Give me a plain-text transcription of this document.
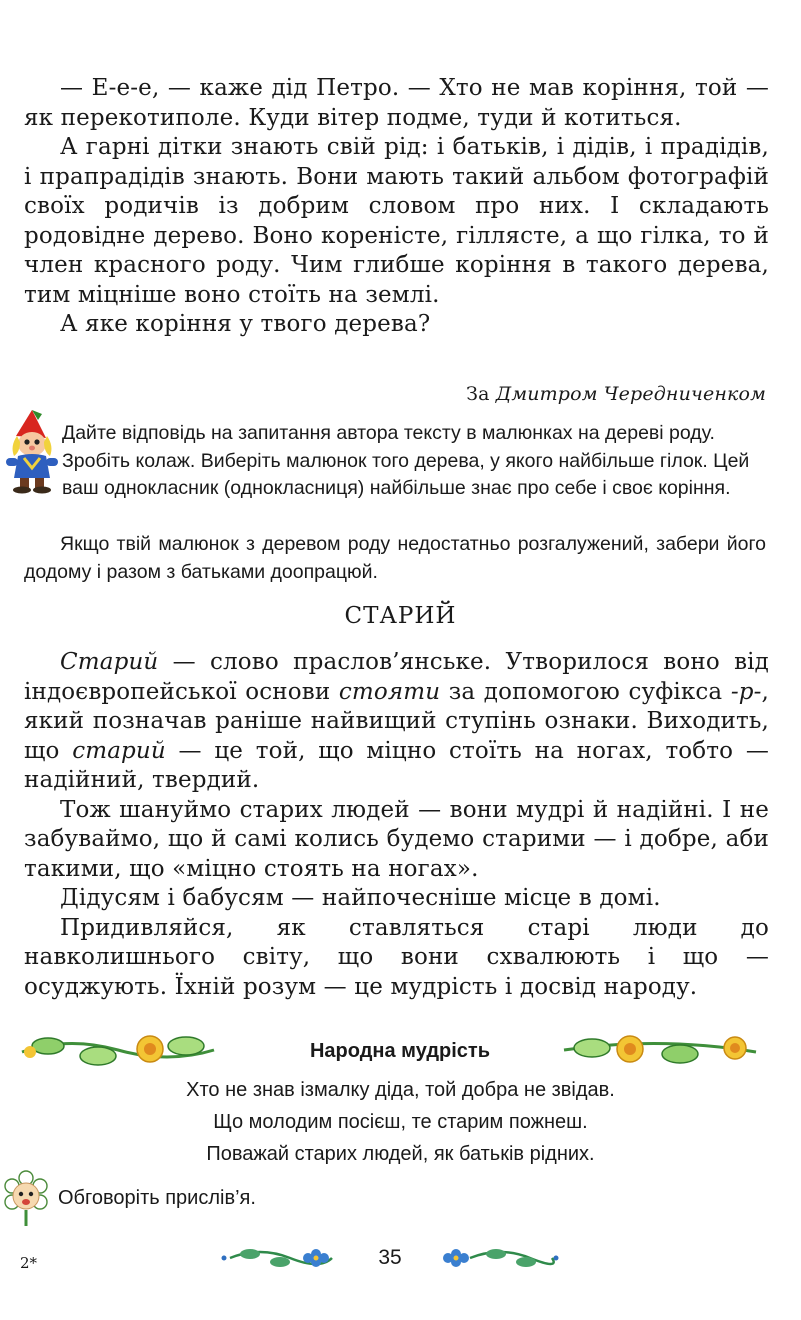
— Е-е-е, — каже дід Петро. — Хто не мав коріння, той — як перекотиполе. Куди вітер подме, туди й котиться.

А гарні дітки знають свій рід: і батьків, і дідів, і прадідів, і прапрадідів знають. Вони мають такий альбом фотографій своїх родичів із добрим словом про них. І складають родовідне дерево. Воно кореністе, гіллясте, а що гілка, то й член красного роду. Чим глибше коріння в такого дерева, тим міцніше воно стоїть на землі.

А яке коріння у твого дерева?

За Дмитром Чередниченком

Дайте відповідь на запитання автора тексту в малюнках на дереві роду. Зробіть колаж. Виберіть малюнок того дерева, у якого найбільше гілок. Цей ваш однокласник (однокласниця) найбільше знає про себе і своє коріння.

Якщо твій малюнок з деревом роду недостатньо розгалужений, забери його додому і разом з батьками доопрацюй.

СТАРИЙ

Старий — слово праслов’янське. Утворилося воно від індоєвропейської основи стояти за допомогою суфікса -р-, який позначав раніше найвищий ступінь ознаки. Виходить, що старий — це той, що міцно стоїть на ногах, тобто — надійний, твердий.

Тож шануймо старих людей — вони мудрі й надійні. І не забуваймо, що й самі колись будемо старими — і добре, аби такими, що «міцно стоять на ногах».

Дідусям і бабусям — найпочесніше місце в домі.

Придивляйся, як ставляться старі люди до навколишнього світу, що вони схвалюють і що — осуджують. Їхній розум — це мудрість і досвід народу.

Народна мудрість
Хто не знав ізмалку діда, той добра не звідав.
Що молодим посієш, те старим пожнеш.
Поважай старих людей, як батьків рідних.
Обговоріть прислів’я.
2*	35
